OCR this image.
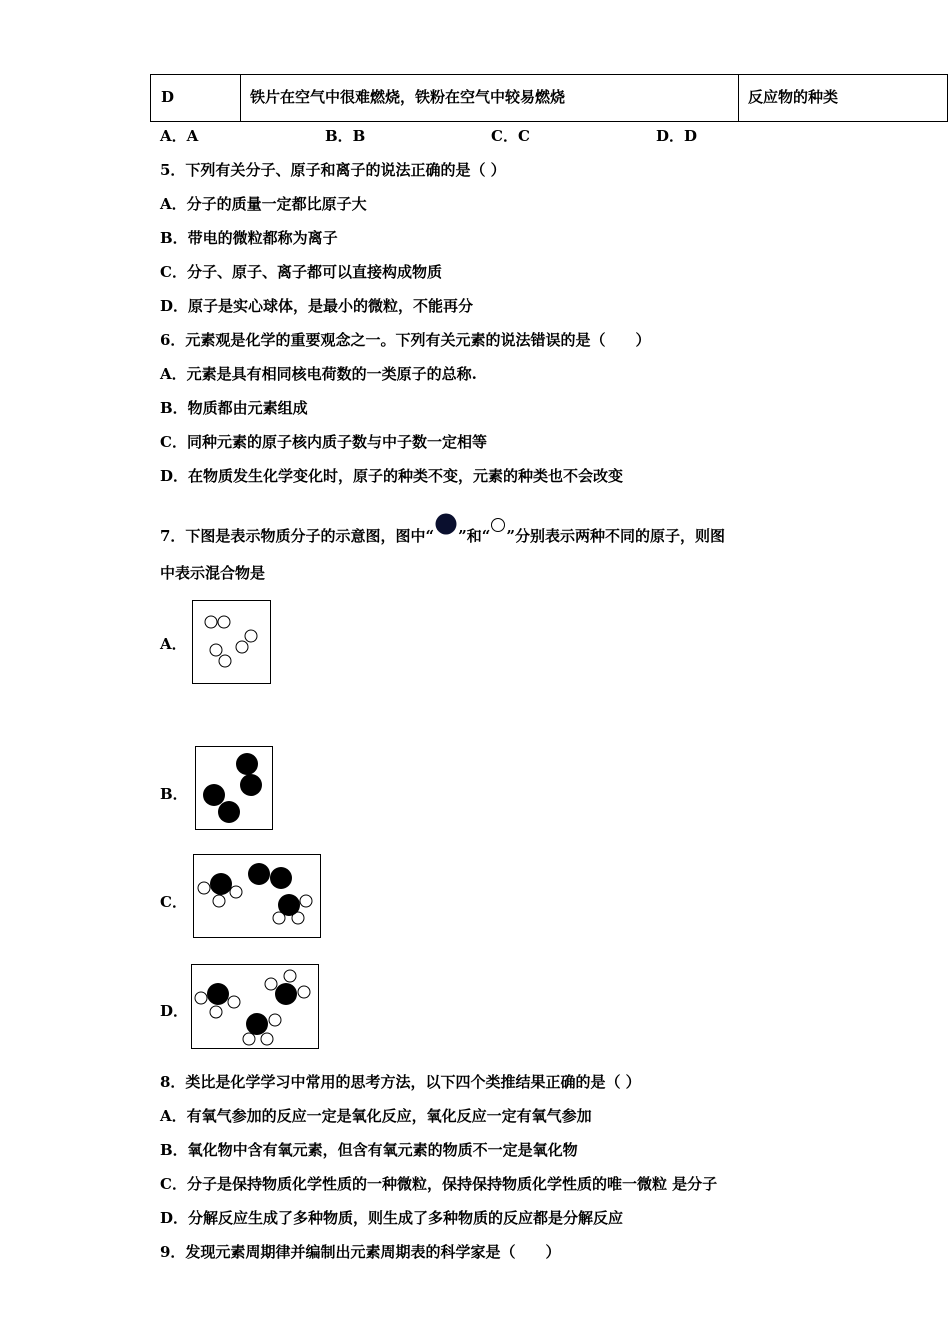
D	铁片在空气中很难燃烧，铁粉在空气中较易燃烧	反应物的种类
A．A	B．B	C．C	D．D
5．下列有关分子、原子和离子的说法正确的是（ ）
A．分子的质量一定都比原子大
B．带电的微粒都称为离子
C．分子、原子、离子都可以直接构成物质
D．原子是实心球体，是最小的微粒，不能再分
6．元素观是化学的重要观念之一。下列有关元素的说法错误的是（　　）
A．元素是具有相同核电荷数的一类原子的总称.
B．物质都由元素组成
C．同种元素的原子核内质子数与中子数一定相等
D．在物质发生化学变化时，原子的种类不变，元素的种类也不会改变
7．下图是表示物质分子的示意图，图中“ ”和“ ”分别表示两种不同的原子，则图
中表示混合物是
A．
B．
C．
D．
8．类比是化学学习中常用的思考方法，以下四个类推结果正确的是（ ）
A．有氧气参加的反应一定是氧化反应，氧化反应一定有氧气参加
B．氧化物中含有氧元素，但含有氧元素的物质不一定是氧化物
C．分子是保持物质化学性质的一种微粒，保持保持物质化学性质的唯一微粒 是分子
D．分解反应生成了多种物质，则生成了多种物质的反应都是分解反应
9．发现元素周期律并编制出元素周期表的科学家是（　　）
